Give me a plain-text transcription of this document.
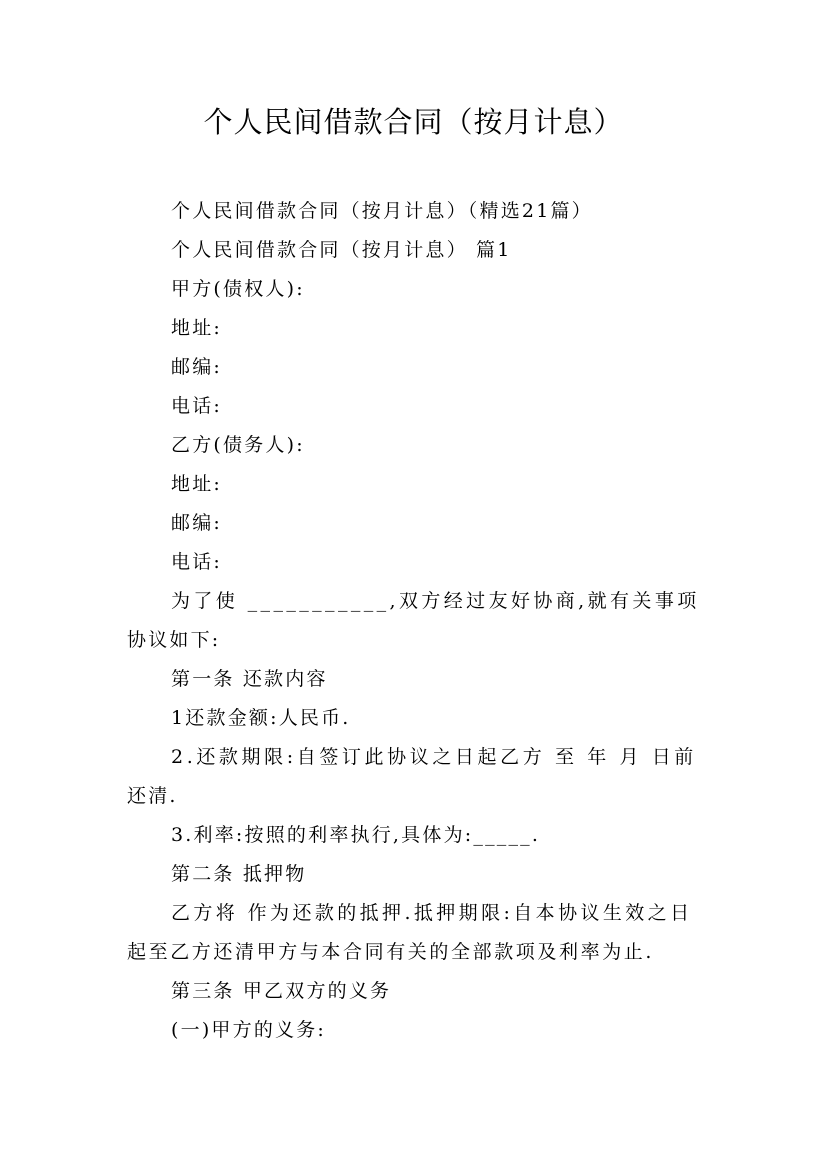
个人民间借款合同（按月计息）
个人民间借款合同（按月计息）（精选21篇）
个人民间借款合同（按月计息） 篇1
甲方(债权人):
地址:
邮编:
电话:
乙方(债务人):
地址:
邮编:
电话:
为了使 ___________,双方经过友好协商,就有关事项
协议如下:
第一条 还款内容
1还款金额:人民币.
2.还款期限:自签订此协议之日起乙方 至 年 月 日前
还清.
3.利率:按照的利率执行,具体为:_____.
第二条 抵押物
乙方将 作为还款的抵押.抵押期限:自本协议生效之日
起至乙方还清甲方与本合同有关的全部款项及利率为止.
第三条 甲乙双方的义务
(一)甲方的义务:
